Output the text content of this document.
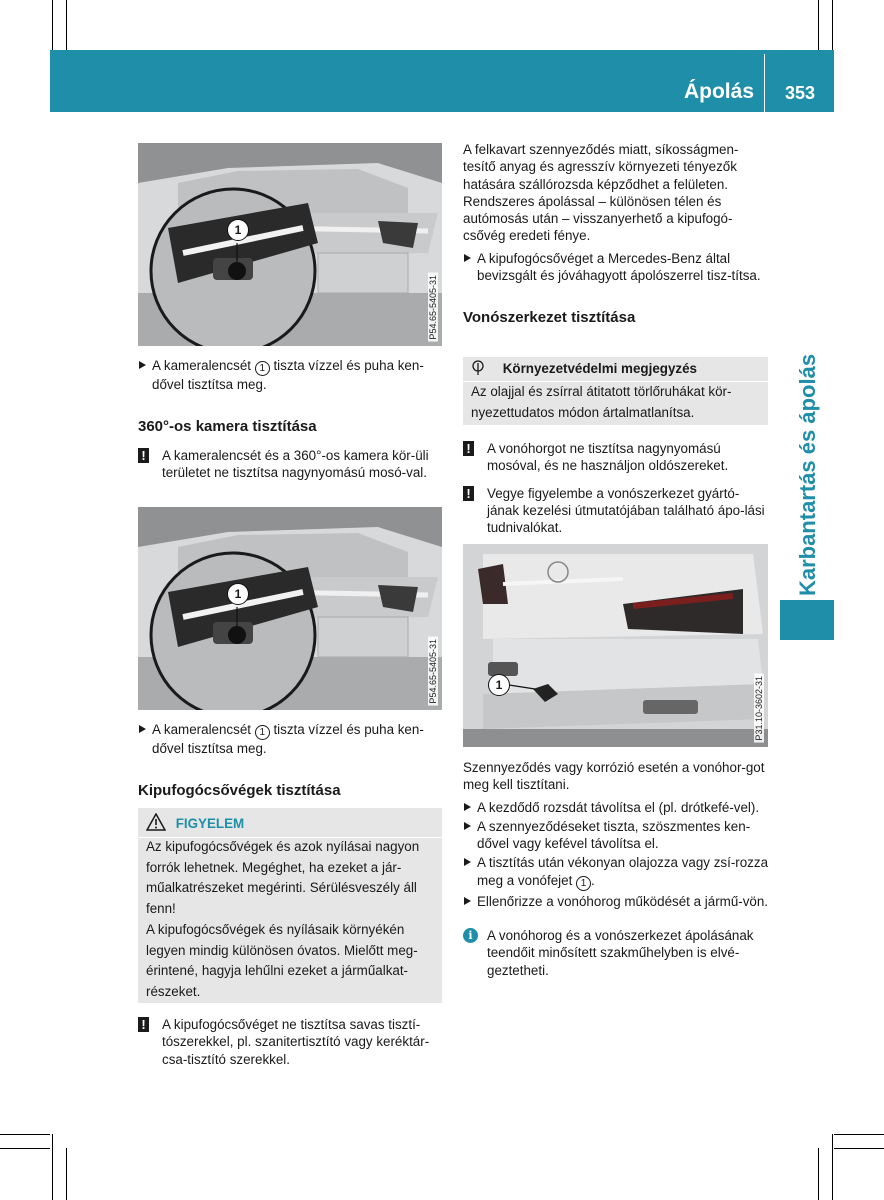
Ápolás	353
Karbantartás és ápolás
1
P54.65-5405-31

A kameralencsét 1 tiszta vízzel és puha ken-dővel tisztítsa meg.

360°-os kamera tisztítása

! A kameralencsét és a 360°-os kamera kör-üli területet ne tisztítsa nagynyomású mosó-val.

1
P54.65-5405-31

A kameralencsét 1 tiszta vízzel és puha ken-dővel tisztítsa meg.

Kipufogócsővégek tisztítása

FIGYELEM

Az kipufogócsővégek és azok nyílásai nagyon forrók lehetnek. Megéghet, ha ezeket a jár-műalkatrészeket megérinti. Sérülésveszély áll fenn!

A kipufogócsővégek és nyílásaik környékén legyen mindig különösen óvatos. Mielőtt meg-érintené, hagyja lehűlni ezeket a járműalkat-részeket.

! A kipufogócsővéget ne tisztítsa savas tisztí-tószerekkel, pl. szanitertisztító vagy keréktár-csa-tisztító szerekkel.

A felkavart szennyeződés miatt, síkosságmen-tesítő anyag és agresszív környezeti tényezők hatására szállórozsda képződhet a felületen. Rendszeres ápolással – különösen télen és autómosás után – visszanyerhető a kipufogó-csővég eredeti fénye.

A kipufogócsővéget a Mercedes-Benz által bevizsgált és jóváhagyott ápolószerrel tisz-títsa.

Vonószerkezet tisztítása

Környezetvédelmi megjegyzés

Az olajjal és zsírral átitatott törlőruhákat kör-nyezettudatos módon ártalmatlanítsa.

! A vonóhorgot ne tisztítsa nagynyomású mosóval, és ne használjon oldószereket.

! Vegye figyelembe a vonószerkezet gyártó-jának kezelési útmutatójában található ápo-lási tudnivalókat.

1	P31.10-3602-31

Szennyeződés vagy korrózió esetén a vonóhor-got meg kell tisztítani.

A kezdődő rozsdát távolítsa el (pl. drótkefé-vel).

A szennyeződéseket tiszta, szöszmentes ken-dővel vagy kefével távolítsa el.

A tisztítás után vékonyan olajozza vagy zsí-rozza meg a vonófejet 1 .

Ellenőrizze a vonóhorog működését a jármű-vön.

i	A vonóhorog és a vonószerkezet ápolásának teendőit minősített szakműhelyben is elvé-geztetheti.
